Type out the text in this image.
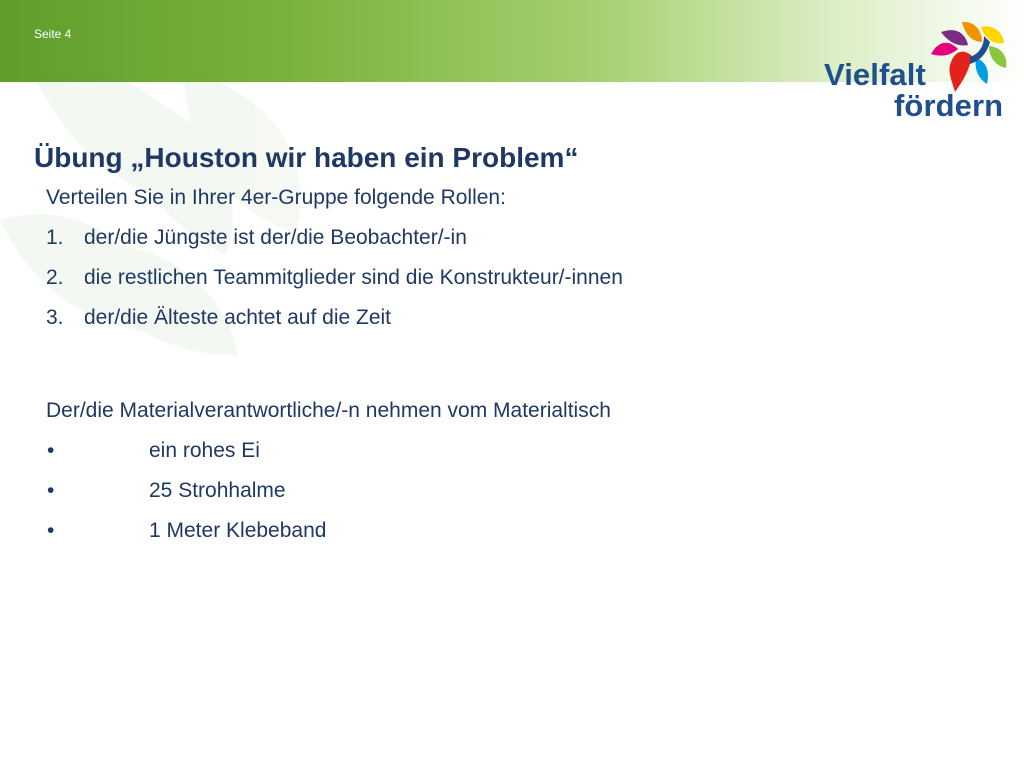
Seite 4
Vielfalt
fördern
Übung „Houston wir haben ein Problem“
Verteilen Sie in Ihrer 4er-Gruppe folgende Rollen:
1. der/die Jüngste ist der/die Beobachter/-in
2. die restlichen Teammitglieder sind die Konstrukteur/-innen
3. der/die Älteste achtet auf die Zeit
Der/die Materialverantwortliche/-n nehmen vom Materialtisch
•	ein rohes Ei
•	25 Strohhalme
•	1 Meter Klebeband
